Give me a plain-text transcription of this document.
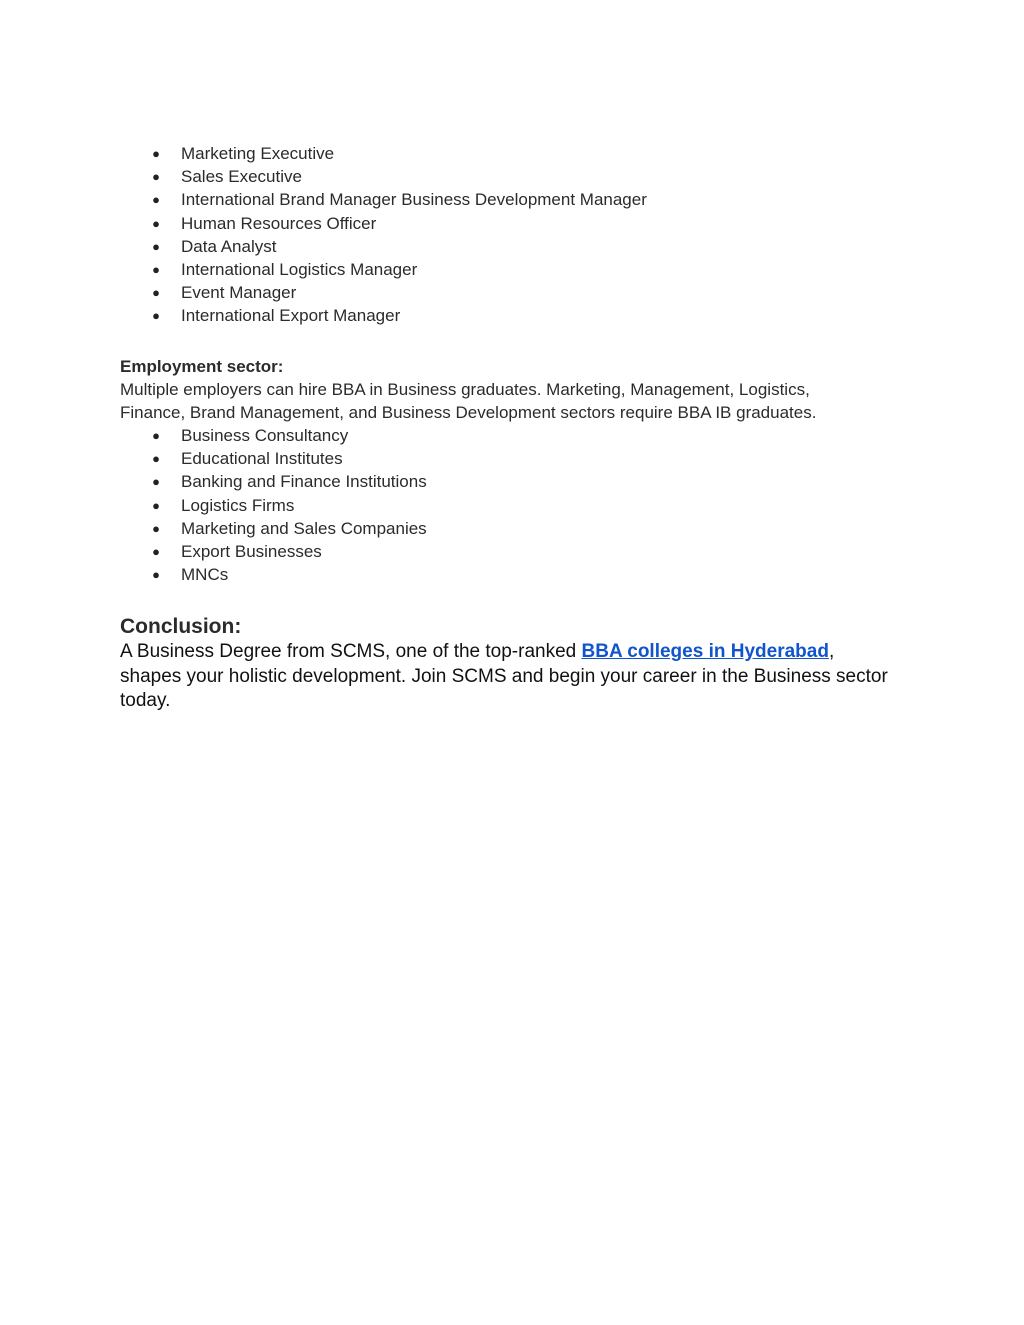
● Marketing Executive
● Sales Executive
● International Brand Manager Business Development Manager
● Human Resources Officer
● Data Analyst
● International Logistics Manager
● Event Manager
● International Export Manager
Employment sector:

Multiple employers can hire BBA in Business graduates. Marketing, Management, Logistics,
Finance, Brand Management, and Business Development sectors require BBA IB graduates.

● Business Consultancy
● Educational Institutes
● Banking and Finance Institutions
● Logistics Firms
● Marketing and Sales Companies
● Export Businesses
● MNCs
Conclusion:

A Business Degree from SCMS, one of the top-ranked BBA colleges in Hyderabad, shapes your holistic development. Join SCMS and begin your career in the Business sector today.
